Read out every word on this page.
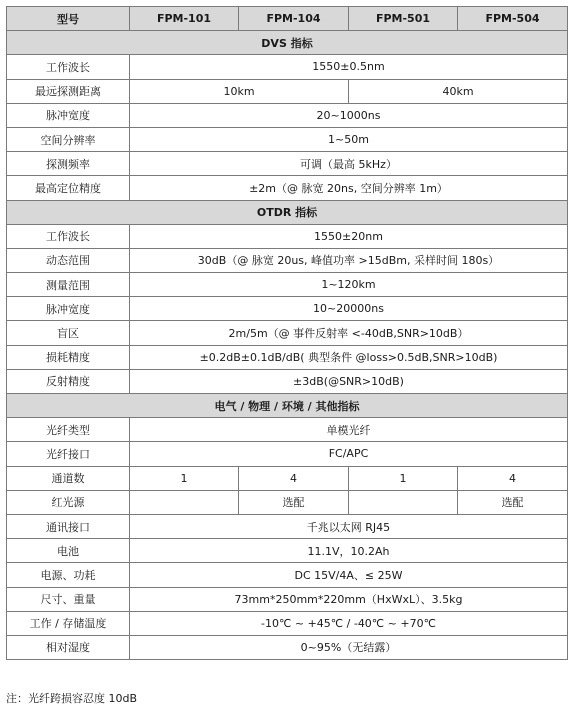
型号	FPM-101	FPM-104	FPM-501	FPM-504
DVS 指标				
工作波长	1550±0.5nm			
最远探测距离	10km		40km	
脉冲宽度	20~1000ns			
空间分辨率	1~50m			
探测频率	可调（最高 5kHz）			
最高定位精度	±2m（@ 脉宽 20ns, 空间分辨率 1m）			
OTDR 指标				
工作波长	1550±20nm			
动态范围	30dB（@ 脉宽 20us, 峰值功率 >15dBm, 采样时间 180s）			
测量范围	1~120km			
脉冲宽度	10~20000ns			
盲区	2m/5m（@ 事件反射率 <-40dB,SNR>10dB）			
损耗精度	±0.2dB±0.1dB/dB( 典型条件 @loss>0.5dB,SNR>10dB)			
反射精度	±3dB(@SNR>10dB)			
电气 / 物理 / 环境 / 其他指标				
光纤类型	单模光纤			
光纤接口	FC/APC			
通道数	1	4	1	4
红光源		选配		选配
通讯接口	千兆以太网 RJ45			
电池	11.1V，10.2Ah			
电源、功耗	DC 15V/4A、≤ 25W			
尺寸、重量	73mm*250mm*220mm（HxWxL）、3.5kg			
工作 / 存储温度	-10℃ ~ +45℃ / -40℃ ~ +70℃			
相对湿度	0~95%（无结露）			
注：光纤跨损容忍度 10dB
